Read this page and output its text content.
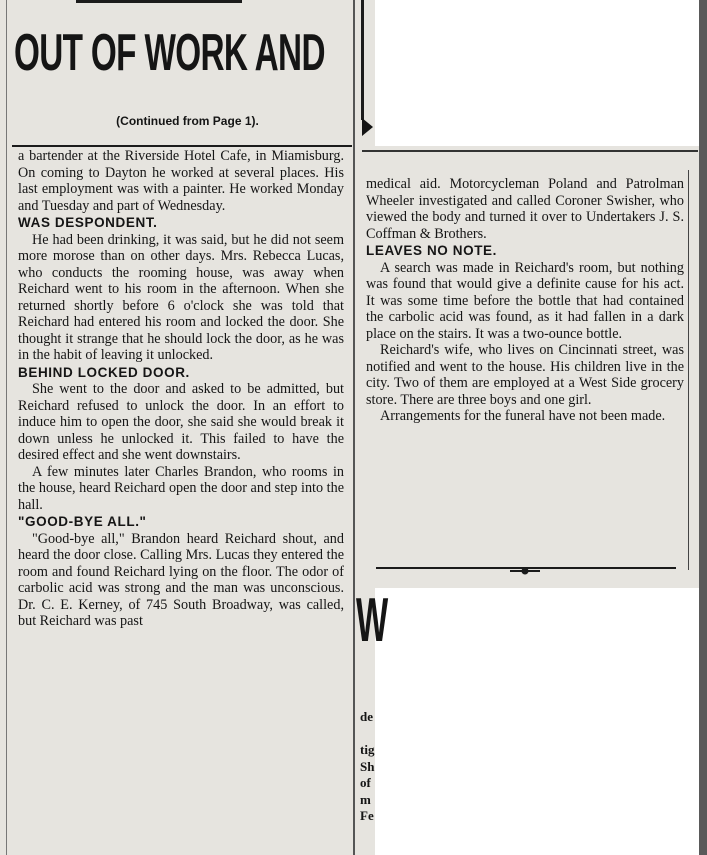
OUT OF WORK AND
(Continued from Page 1).

a bartender at the Riverside Hotel Cafe, in Miamisburg. On coming to Dayton he worked at several places. His last employment was with a painter. He worked Monday and Tuesday and part of Wednesday.

WAS DESPONDENT.

He had been drinking, it was said, but he did not seem more morose than on other days. Mrs. Rebecca Lucas, who conducts the rooming house, was away when Reichard went to his room in the afternoon. When she returned shortly before 6 o'clock she was told that Reichard had entered his room and locked the door. She thought it strange that he should lock the door, as he was in the habit of leaving it unlocked.

BEHIND LOCKED DOOR.

She went to the door and asked to be admitted, but Reichard refused to unlock the door. In an effort to induce him to open the door, she said she would break it down unless he unlocked it. This failed to have the desired effect and she went downstairs.

A few minutes later Charles Brandon, who rooms in the house, heard Reichard open the door and step into the hall.

"GOOD-BYE ALL."

"Good-bye all," Brandon heard Reichard shout, and heard the door close. Calling Mrs. Lucas they entered the room and found Reichard lying on the floor. The odor of carbolic acid was strong and the man was unconscious. Dr. C. E. Kerney, of 745 South Broadway, was called, but Reichard was past

medical aid. Motorcycleman Poland and Patrolman Wheeler investigated and called Coroner Swisher, who viewed the body and turned it over to Undertakers J. S. Coffman & Brothers.

LEAVES NO NOTE.

A search was made in Reichard's room, but nothing was found that would give a definite cause for his act. It was some time before the bottle that had contained the carbolic acid was found, as it had fallen in a dark place on the stairs. It was a two-ounce bottle.

Reichard's wife, who lives on Cincinnati street, was notified and went to the house. His children live in the city. Two of them are employed at a West Side grocery store. There are three boys and one girl.

Arrangements for the funeral have not been made.

W
de
tig
Sh
of
m
Fe
